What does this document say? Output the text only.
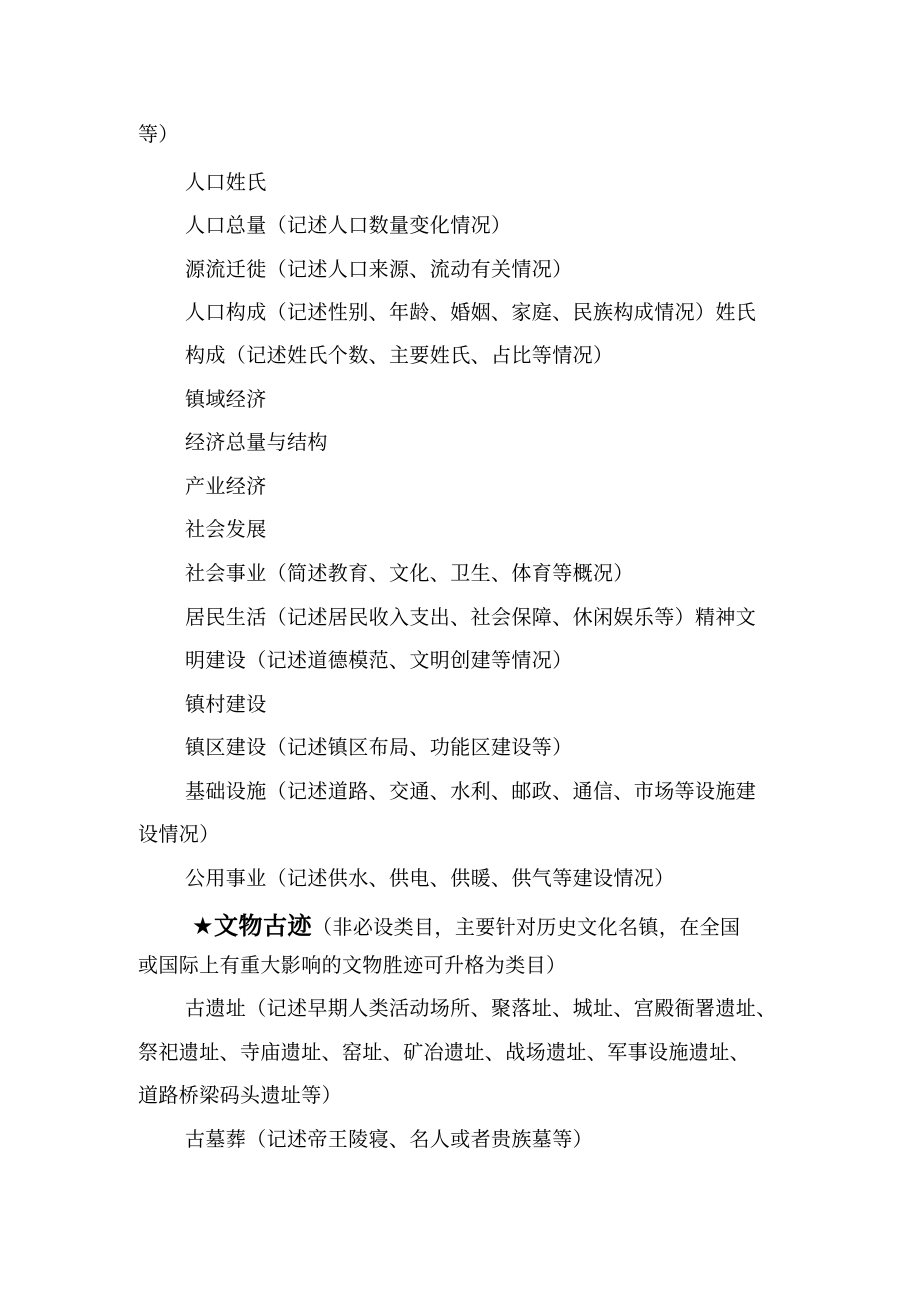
等）
人口姓氏
人口总量（记述人口数量变化情况）
源流迁徙（记述人口来源、流动有关情况）
人口构成（记述性别、年龄、婚姻、家庭、民族构成情况）姓氏
构成（记述姓氏个数、主要姓氏、占比等情况）
镇域经济
经济总量与结构
产业经济
社会发展
社会事业（简述教育、文化、卫生、体育等概况）
居民生活（记述居民收入支出、社会保障、休闲娱乐等）精神文
明建设（记述道德模范、文明创建等情况）
镇村建设
镇区建设（记述镇区布局、功能区建设等）
基础设施（记述道路、交通、水利、邮政、通信、市场等设施建
设情况）
公用事业（记述供水、供电、供暖、供气等建设情况）
★文物古迹（非必设类目，主要针对历史文化名镇，在全国
或国际上有重大影响的文物胜迹可升格为类目）
古遗址（记述早期人类活动场所、聚落址、城址、宫殿衙署遗址、
祭祀遗址、寺庙遗址、窑址、矿冶遗址、战场遗址、军事设施遗址、
道路桥梁码头遗址等）
古墓葬（记述帝王陵寝、名人或者贵族墓等）
